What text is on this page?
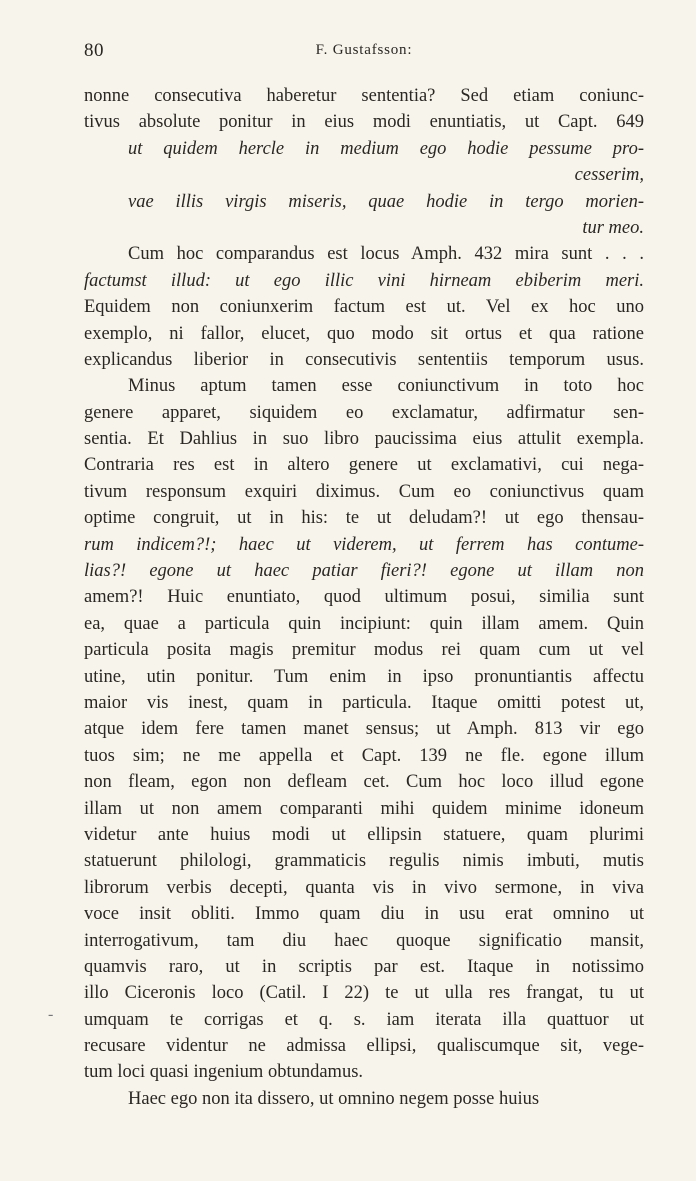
80	F. Gustafsson:
-
nonne consecutiva haberetur sententia? Sed etiam coniunc-
tivus absolute ponitur in eius modi enuntiatis, ut Capt. 649
ut quidem hercle in medium ego hodie pessume pro-
cesserim,
vae illis virgis miseris, quae hodie in tergo morien-
tur meo.
Cum hoc comparandus est locus Amph. 432 mira sunt . . .
factumst illud: ut ego illic vini hirneam ebiberim meri.
Equidem non coniunxerim factum est ut. Vel ex hoc uno
exemplo, ni fallor, elucet, quo modo sit ortus et qua ratione
explicandus liberior in consecutivis sententiis temporum usus.
Minus aptum tamen esse coniunctivum in toto hoc
genere apparet, siquidem eo exclamatur, adfirmatur sen-
sentia. Et Dahlius in suo libro paucissima eius attulit exempla.
Contraria res est in altero genere ut exclamativi, cui nega-
tivum responsum exquiri diximus. Cum eo coniunctivus quam
optime congruit, ut in his: te ut deludam?! ut ego thensau-
rum indicem?!; haec ut viderem, ut ferrem has contume-
lias?! egone ut haec patiar fieri?! egone ut illam non
amem?! Huic enuntiato, quod ultimum posui, similia sunt
ea, quae a particula quin incipiunt: quin illam amem. Quin
particula posita magis premitur modus rei quam cum ut vel
utine, utin ponitur. Tum enim in ipso pronuntiantis affectu
maior vis inest, quam in particula. Itaque omitti potest ut,
atque idem fere tamen manet sensus; ut Amph. 813 vir ego
tuos sim; ne me appella et Capt. 139 ne fle. egone illum
non fleam, egon non defleam cet. Cum hoc loco illud egone
illam ut non amem comparanti mihi quidem minime idoneum
videtur ante huius modi ut ellipsin statuere, quam plurimi
statuerunt philologi, grammaticis regulis nimis imbuti, mutis
librorum verbis decepti, quanta vis in vivo sermone, in viva
voce insit obliti. Immo quam diu in usu erat omnino ut
interrogativum, tam diu haec quoque significatio mansit,
quamvis raro, ut in scriptis par est. Itaque in notissimo
illo Ciceronis loco (Catil. I 22) te ut ulla res frangat, tu ut
umquam te corrigas et q. s. iam iterata illa quattuor ut
recusare videntur ne admissa ellipsi, qualiscumque sit, vege-
tum loci quasi ingenium obtundamus.
Haec ego non ita dissero, ut omnino negem posse huius
